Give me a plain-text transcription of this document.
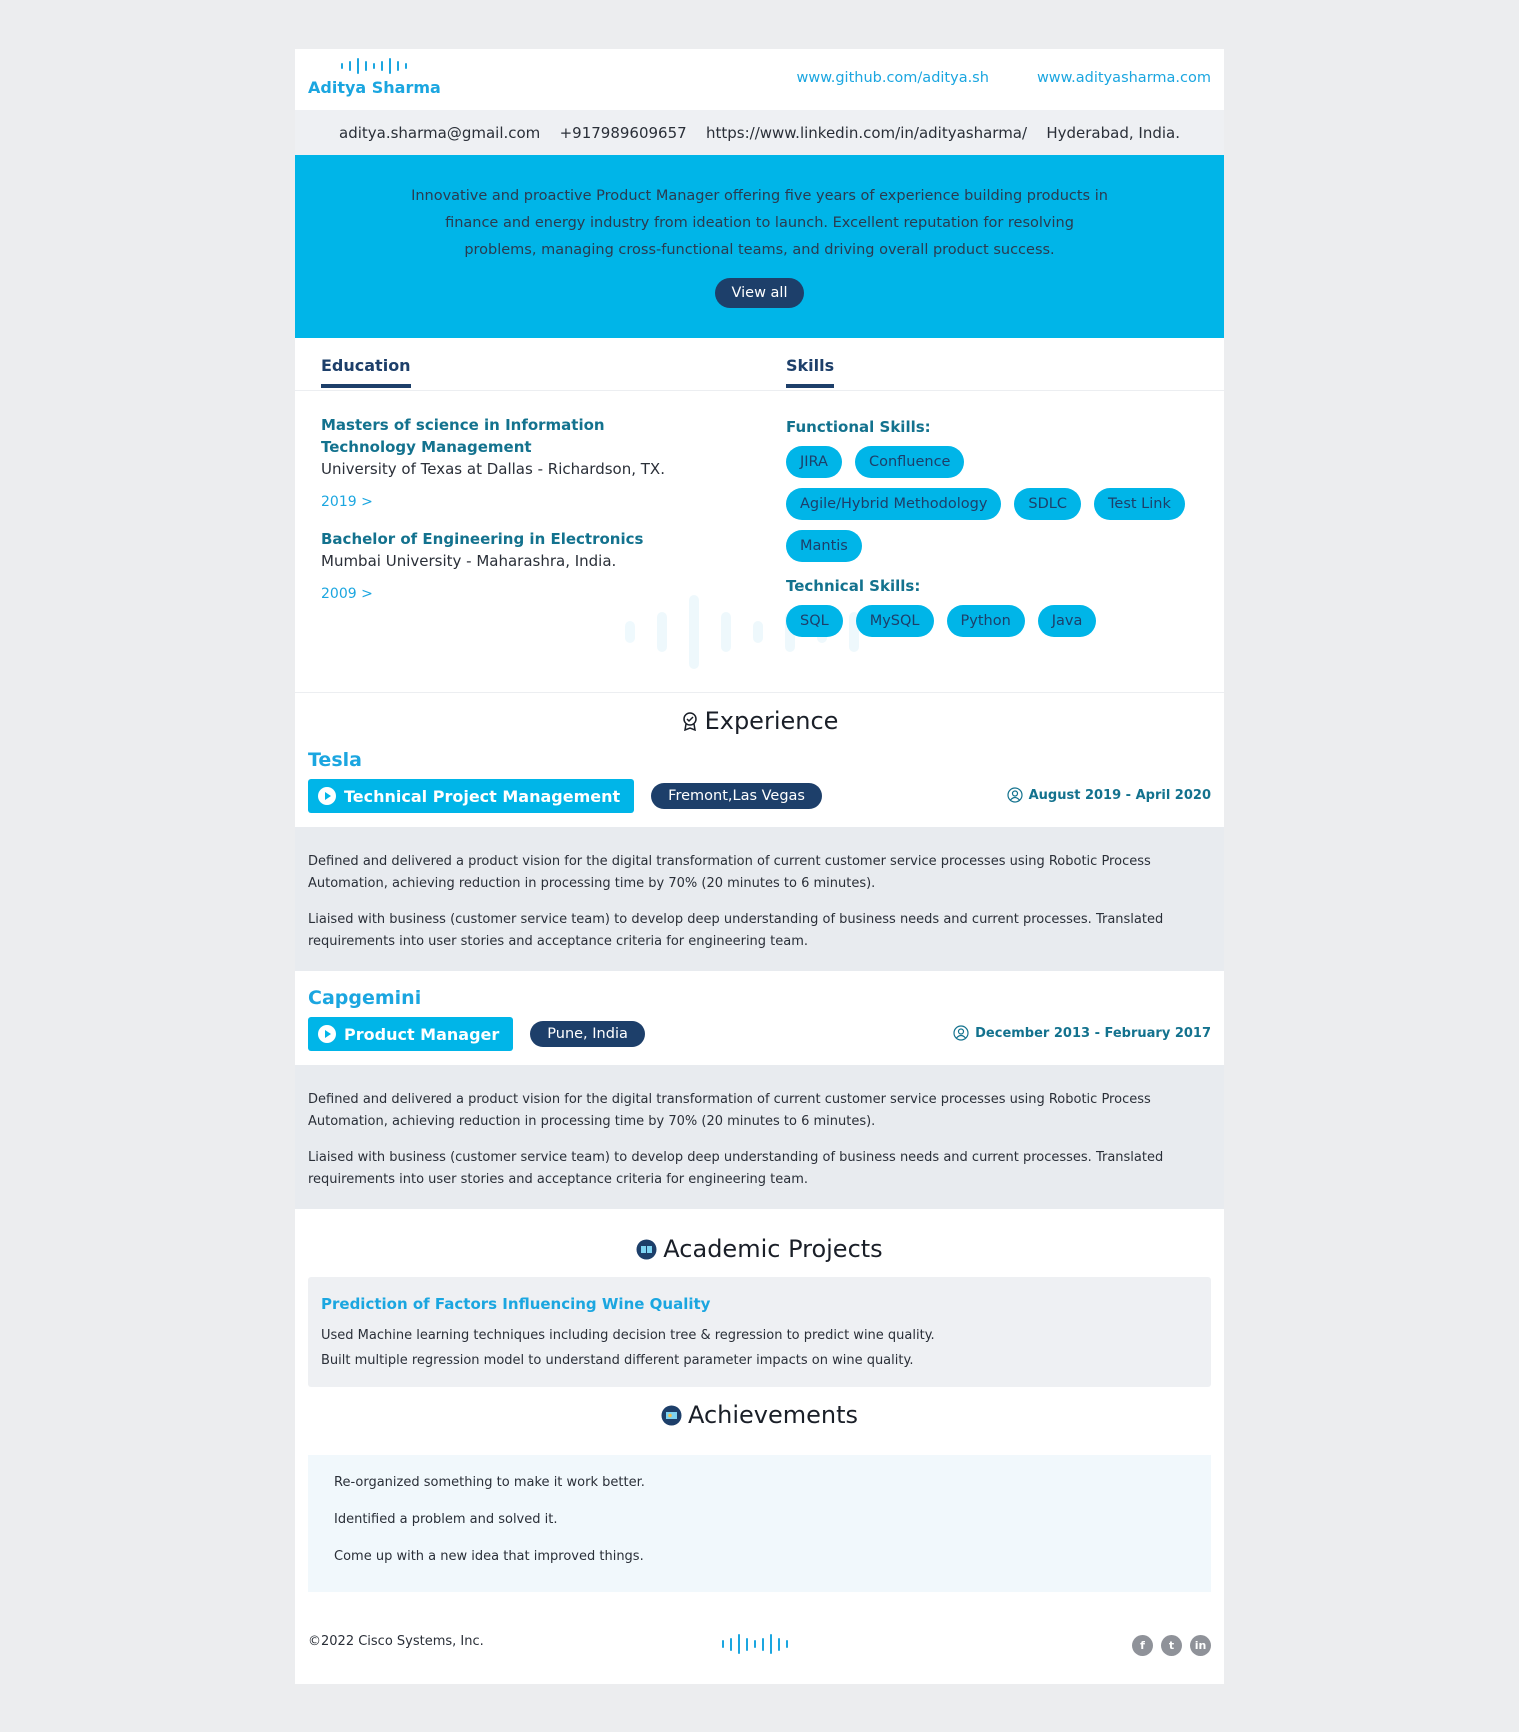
Aditya Sharma	www.github.com/aditya.sh	www.adityasharma.com
aditya.sharma@gmail.com +917989609657 https://www.linkedin.com/in/adityasharma/ Hyderabad, India.
Innovative and proactive Product Manager offering five years of experience building products in finance and energy industry from ideation to launch. Excellent reputation for resolving problems, managing cross-functional teams, and driving overall product success.
View all
Education	Skills
Masters of science in Information Technology Management
University of Texas at Dallas - Richardson, TX.
2019 >
Bachelor of Engineering in Electronics
Mumbai University - Maharashra, India.
2009 >
Functional Skills:
JIRA	Confluence
Agile/Hybrid Methodology	SDLC	Test Link
Mantis
Technical Skills:
SQL	MySQL	Python	Java
Experience
Tesla
Technical Project Management	Fremont,Las Vegas	August 2019 - April 2020

Defined and delivered a product vision for the digital transformation of current customer service processes using Robotic Process Automation, achieving reduction in processing time by 70% (20 minutes to 6 minutes).

Liaised with business (customer service team) to develop deep understanding of business needs and current processes. Translated requirements into user stories and acceptance criteria for engineering team.

Capgemini
Product Manager	Pune, India	December 2013 - February 2017

Defined and delivered a product vision for the digital transformation of current customer service processes using Robotic Process Automation, achieving reduction in processing time by 70% (20 minutes to 6 minutes).

Liaised with business (customer service team) to develop deep understanding of business needs and current processes. Translated requirements into user stories and acceptance criteria for engineering team.

Academic Projects
Prediction of Factors Influencing Wine Quality
Used Machine learning techniques including decision tree & regression to predict wine quality.
Built multiple regression model to understand different parameter impacts on wine quality.
Achievements
Re-organized something to make it work better.
Identified a problem and solved it.
Come up with a new idea that improved things.
©2022 Cisco Systems, Inc.	f	t	in
